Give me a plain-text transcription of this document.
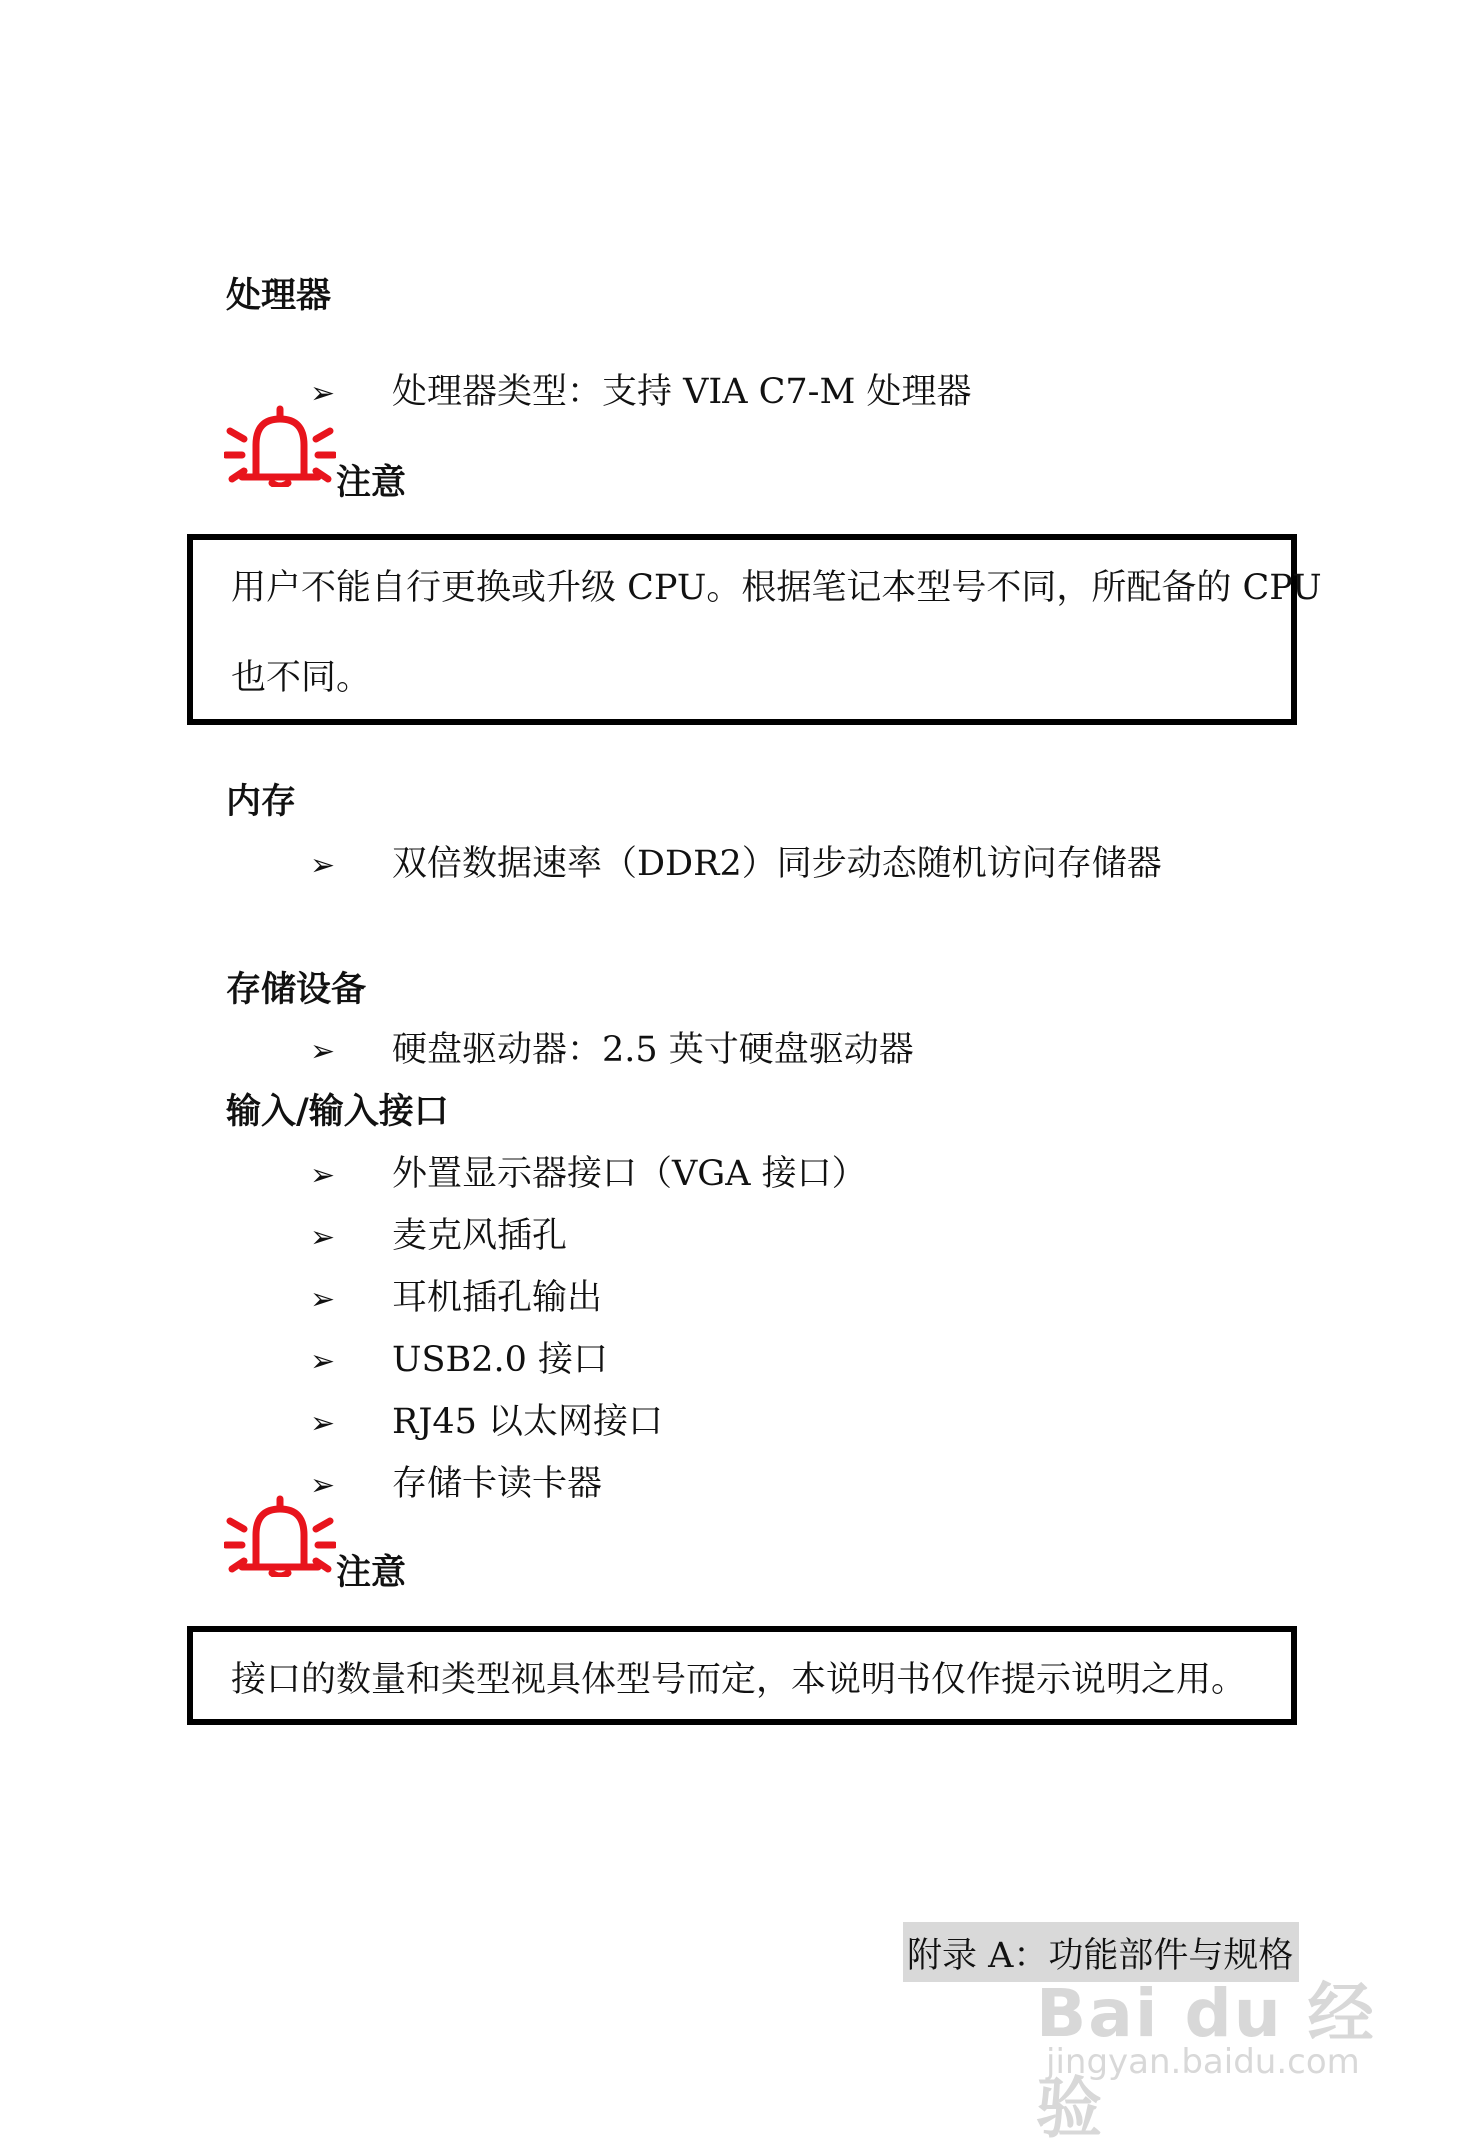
处理器
➢ 处理器类型：支持 VIA C7-M 处理器
注意
用户不能自行更换或升级 CPU。根据笔记本型号不同，所配备的 CPU
也不同。
内存
➢ 双倍数据速率（DDR2）同步动态随机访问存储器
存储设备
➢ 硬盘驱动器：2.5 英寸硬盘驱动器
输入/输入接口
➢ 外置显示器接口（VGA 接口）
➢ 麦克风插孔
➢ 耳机插孔输出
➢ USB2.0 接口
➢ RJ45 以太网接口
➢ 存储卡读卡器
注意
接口的数量和类型视具体型号而定，本说明书仅作提示说明之用。
附录 A：功能部件与规格
Bai du 经验
jingyan.baidu.com
